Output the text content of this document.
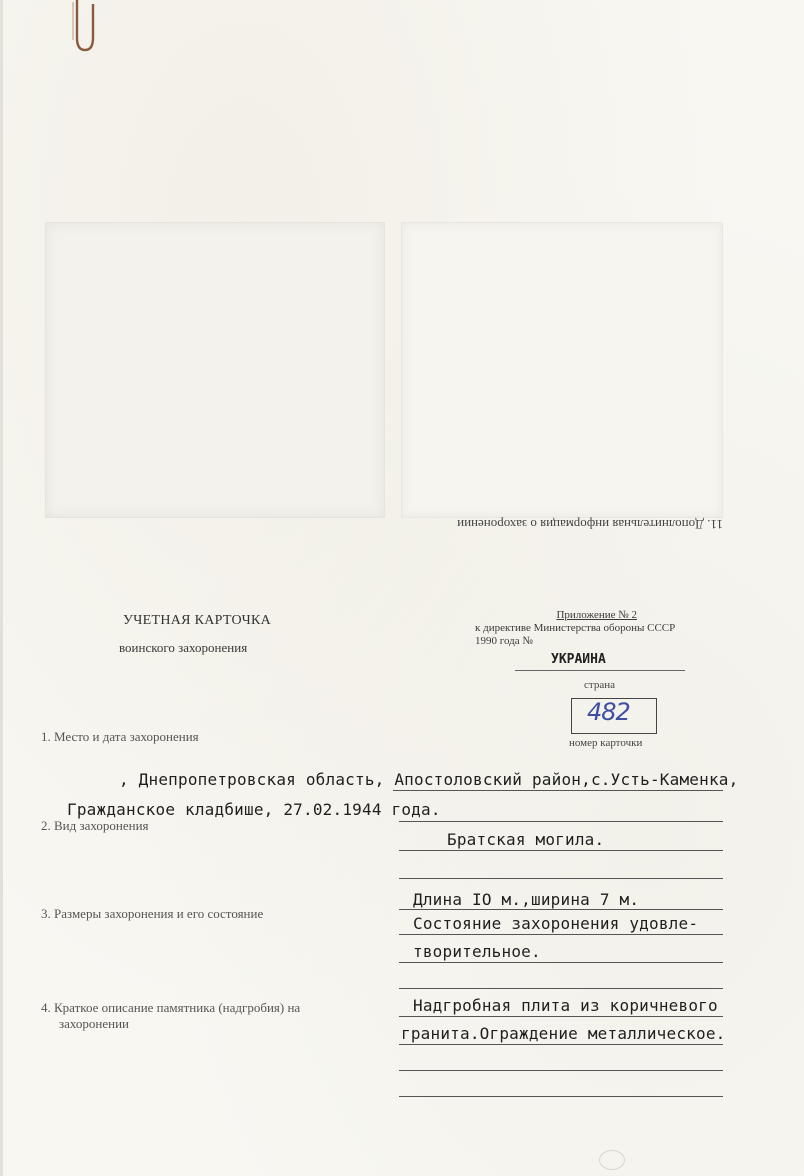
11. Дополнительная информация о захоронении
УЧЕТНАЯ КАРТОЧКА
воинского захоронения
Приложение № 2
к директиве Министерства обороны СССР
1990 года №
УКРАИНА
страна
482
номер карточки
1. Место и дата захоронения
, Днепропетровская область, Апостоловский район,с.Усть-Каменка,
Гражданское кладбише, 27.02.1944 года.
2. Вид захоронения
Братская могила.
3. Размеры захоронения и его состояние
Длина IO м.,ширина 7 м.
Состояние захоронения удовле-
творительное.
4. Краткое описание памятника (надгробия) на
захоронении
Надгробная плита из коричневого
гранита.Ограждение металлическое.
